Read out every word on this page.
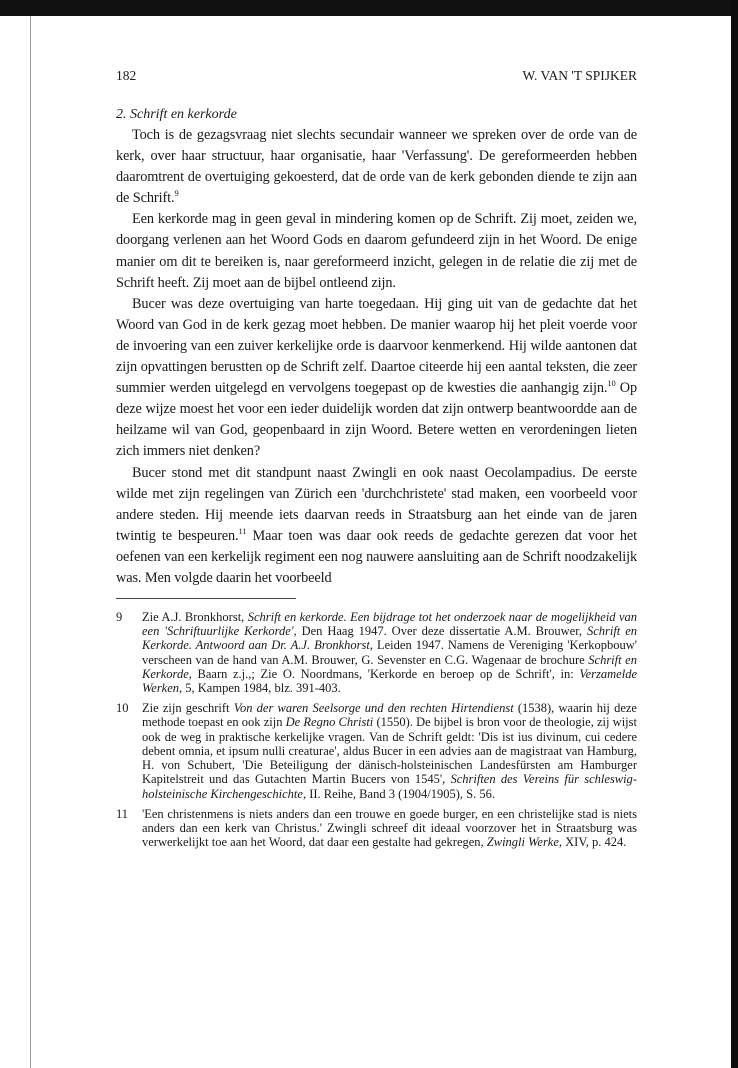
182	W. VAN 'T SPIJKER
2. Schrift en kerkorde

Toch is de gezagsvraag niet slechts secundair wanneer we spreken over de orde van de kerk, over haar structuur, haar organisatie, haar 'Verfassung'. De gereformeerden hebben daaromtrent de overtuiging gekoesterd, dat de orde van de kerk gebonden diende te zijn aan de Schrift.$^9$

Een kerkorde mag in geen geval in mindering komen op de Schrift. Zij moet, zeiden we, doorgang verlenen aan het Woord Gods en daarom gefundeerd zijn in het Woord. De enige manier om dit te bereiken is, naar gereformeerd inzicht, gelegen in de relatie die zij met de Schrift heeft. Zij moet aan de bijbel ontleend zijn.

Bucer was deze overtuiging van harte toegedaan. Hij ging uit van de gedachte dat het Woord van God in de kerk gezag moet hebben. De manier waarop hij het pleit voerde voor de invoering van een zuiver kerkelijke orde is daarvoor kenmerkend. Hij wilde aantonen dat zijn opvattingen berustten op de Schrift zelf. Daartoe citeerde hij een aantal teksten, die zeer summier werden uitgelegd en vervolgens toegepast op de kwesties die aanhangig zijn.$^{10}$ Op deze wijze moest het voor een ieder duidelijk worden dat zijn ontwerp beantwoordde aan de heilzame wil van God, geopenbaard in zijn Woord. Betere wetten en verordeningen lieten zich immers niet denken?

Bucer stond met dit standpunt naast Zwingli en ook naast Oecolampadius. De eerste wilde met zijn regelingen van Zürich een 'durchchristete' stad maken, een voorbeeld voor andere steden. Hij meende iets daarvan reeds in Straatsburg aan het einde van de jaren twintig te bespeuren.$^{11}$ Maar toen was daar ook reeds de gedachte gerezen dat voor het oefenen van een kerkelijk regiment een nog nauwere aansluiting aan de Schrift noodzakelijk was. Men volgde daarin het voorbeeld

9	Zie A.J. Bronkhorst, Schrift en kerkorde. Een bijdrage tot het onderzoek naar de mogelijkheid van een 'Schriftuurlijke Kerkorde', Den Haag 1947. Over deze dissertatie A.M. Brouwer, Schrift en Kerkorde. Antwoord aan Dr. A.J. Bronkhorst, Leiden 1947. Namens de Vereniging 'Kerkopbouw' verscheen van de hand van A.M. Brouwer, G. Sevenster en C.G. Wagenaar de brochure Schrift en Kerkorde, Baarn z.j.,; Zie O. Noordmans, 'Kerkorde en beroep op de Schrift', in: Verzamelde Werken, 5, Kampen 1984, blz. 391-403.
10	Zie zijn geschrift Von der waren Seelsorge und den rechten Hirtendienst (1538), waarin hij deze methode toepast en ook zijn De Regno Christi (1550). De bijbel is bron voor de theologie, zij wijst ook de weg in praktische kerkelijke vragen. Van de Schrift geldt: 'Dis ist ius divinum, cui cedere debent omnia, et ipsum nulli creaturae', aldus Bucer in een advies aan de magistraat van Hamburg, H. von Schubert, 'Die Beteiligung der dänisch-holsteinischen Landesfürsten am Hamburger Kapitelstreit und das Gutachten Martin Bucers von 1545', Schriften des Vereins für schleswig-holsteinische Kirchengeschichte, II. Reihe, Band 3 (1904/1905), S. 56.
11	'Een christenmens is niets anders dan een trouwe en goede burger, en een christelijke stad is niets anders dan een kerk van Christus.' Zwingli schreef dit ideaal voorzover het in Straatsburg was verwerkelijkt toe aan het Woord, dat daar een gestalte had gekregen, Zwingli Werke, XIV, p. 424.
